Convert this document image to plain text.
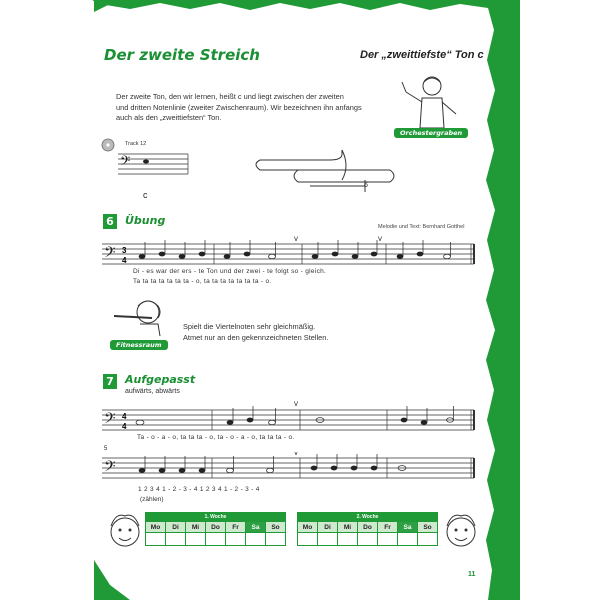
Der zweite Streich	Der „zweittiefste“ Ton c
Der zweite Ton, den wir lernen, heißt c und liegt zwischen der zweiten
und dritten Notenlinie (zweiter Zwischenraum). Wir bezeichnen ihn anfangs
auch als den „zweittiefsten“ Ton.
Orchestergraben
Track 12
𝄢
c
6
6 Übung	Melodie und Text: Bernhard Gotthel
𝄢 3
4
V	V
Di - es war der ers - te Ton und der zwei - te folgt so - gleich.
Ta ta ta ta ta ta ta - o, ta ta ta ta ta ta ta - o.
Fitnessraum
Spielt die Viertelnoten sehr gleichmäßig.
Atmet nur an den gekennzeichneten Stellen.
7 Aufgepasst
aufwärts, abwärts
𝄢 4
4
V
Ta - o - a - o, ta ta ta - o, ta - o - a - o, ta ta ta - o.
5
𝄢
V
1 2 3 4 1 - 2 - 3 - 4 1 2 3 4 1 - 2 - 3 - 4
(zählen)
1. Woche						
Mo	Di	Mi	Do	Fr	Sa	So

2. Woche						
Mo	Di	Mi	Do	Fr	Sa	So

11
